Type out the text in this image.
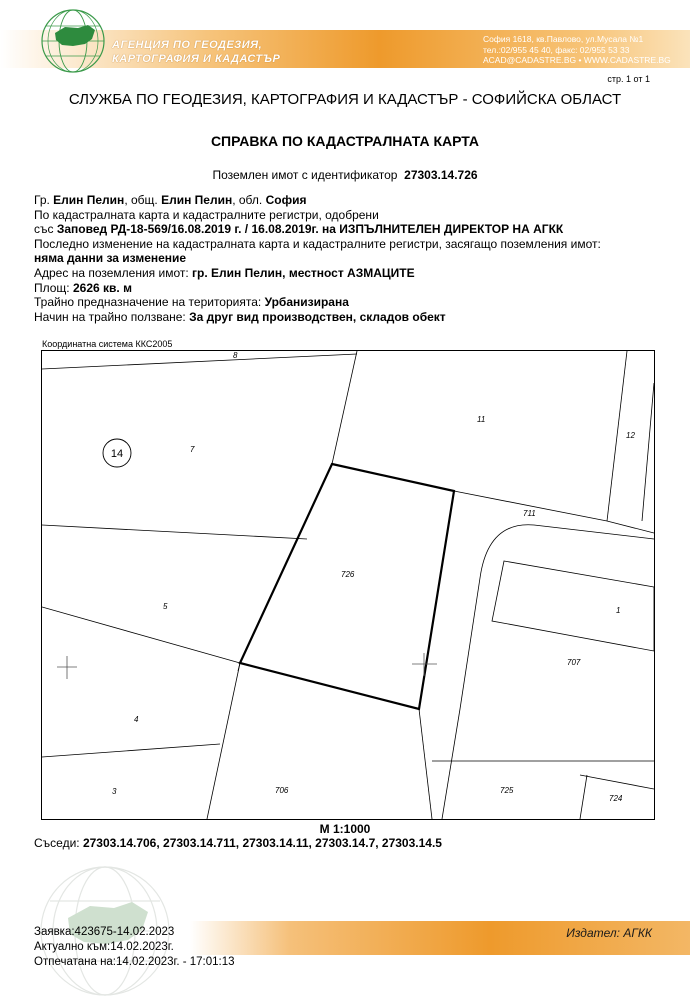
АГЕНЦИЯ ПО ГЕОДЕЗИЯ,
КАРТОГРАФИЯ И КАДАСТЪР
София 1618, кв.Павлово, ул.Мусала №1
тел.:02/955 45 40, факс: 02/955 53 33
ACAD@CADASTRE.BG • WWW.CADASTRE.BG
стр. 1 от 1
СЛУЖБА ПО ГЕОДЕЗИЯ, КАРТОГРАФИЯ И КАДАСТЪР - СОФИЙСКА ОБЛАСТ
СПРАВКА ПО КАДАСТРАЛНАТА КАРТА
Поземлен имот с идентификатор 27303.14.726
Гр. Елин Пелин, общ. Елин Пелин, обл. София
По кадастралната карта и кадастралните регистри, одобрени
със Заповед РД-18-569/16.08.2019 г. / 16.08.2019г. на ИЗПЪЛНИТЕЛЕН ДИРЕКТОР НА АГКК
Последно изменение на кадастралната карта и кадастралните регистри, засягащо поземления имот:
няма данни за изменение
Адрес на поземления имот: гр. Елин Пелин, местност АЗМАЦИТЕ
Площ: 2626 кв. м
Трайно предназначение на територията: Урбанизирана
Начин на трайно ползване: За друг вид производствен, складов обект
Координатна система ККС2005
14
8
7
11
12
711
726
5	1
707
4
3	706	725
724
М 1:1000
Съседи: 27303.14.706, 27303.14.711, 27303.14.11, 27303.14.7, 27303.14.5
Издател: АГКК
Заявка:423675-14.02.2023
Актуално към:14.02.2023г.
Отпечатана на:14.02.2023г. - 17:01:13
